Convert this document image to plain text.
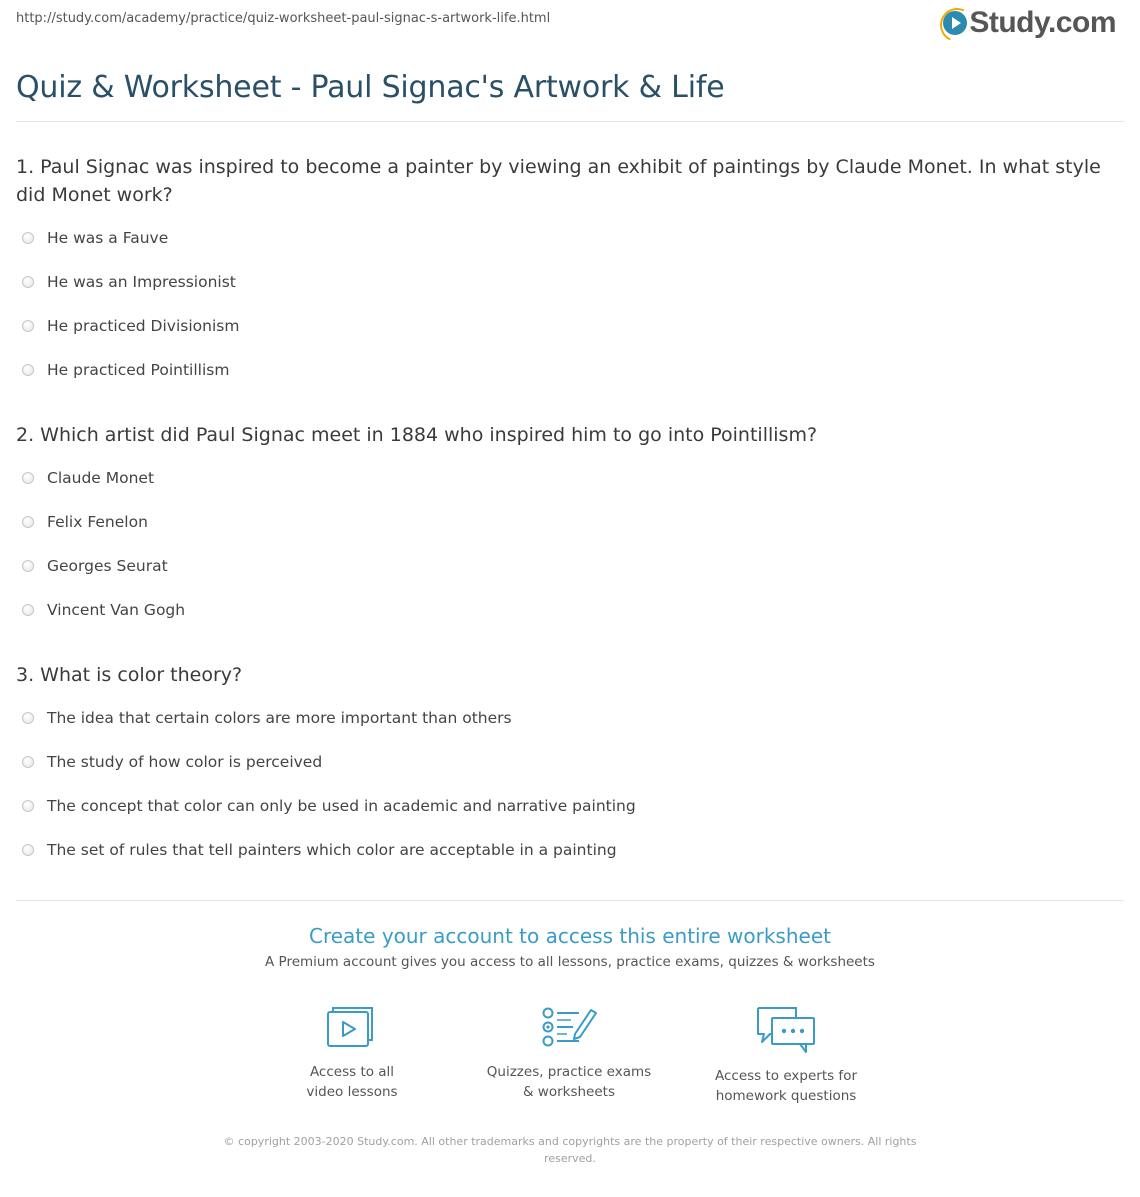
http://study.com/academy/practice/quiz-worksheet-paul-signac-s-artwork-life.html	Study.com
Quiz & Worksheet - Paul Signac's Artwork & Life
1. Paul Signac was inspired to become a painter by viewing an exhibit of paintings by Claude Monet. In what style did Monet work?
He was a Fauve
He was an Impressionist
He practiced Divisionism
He practiced Pointillism
2. Which artist did Paul Signac meet in 1884 who inspired him to go into Pointillism?
Claude Monet
Felix Fenelon
Georges Seurat
Vincent Van Gogh
3. What is color theory?
The idea that certain colors are more important than others
The study of how color is perceived
The concept that color can only be used in academic and narrative painting
The set of rules that tell painters which color are acceptable in a painting
Create your account to access this entire worksheet
A Premium account gives you access to all lessons, practice exams, quizzes & worksheets
Access to all
video lessons
Quizzes, practice exams
& worksheets
Access to experts for
homework questions
© copyright 2003-2020 Study.com. All other trademarks and copyrights are the property of their respective owners. All rights reserved.
